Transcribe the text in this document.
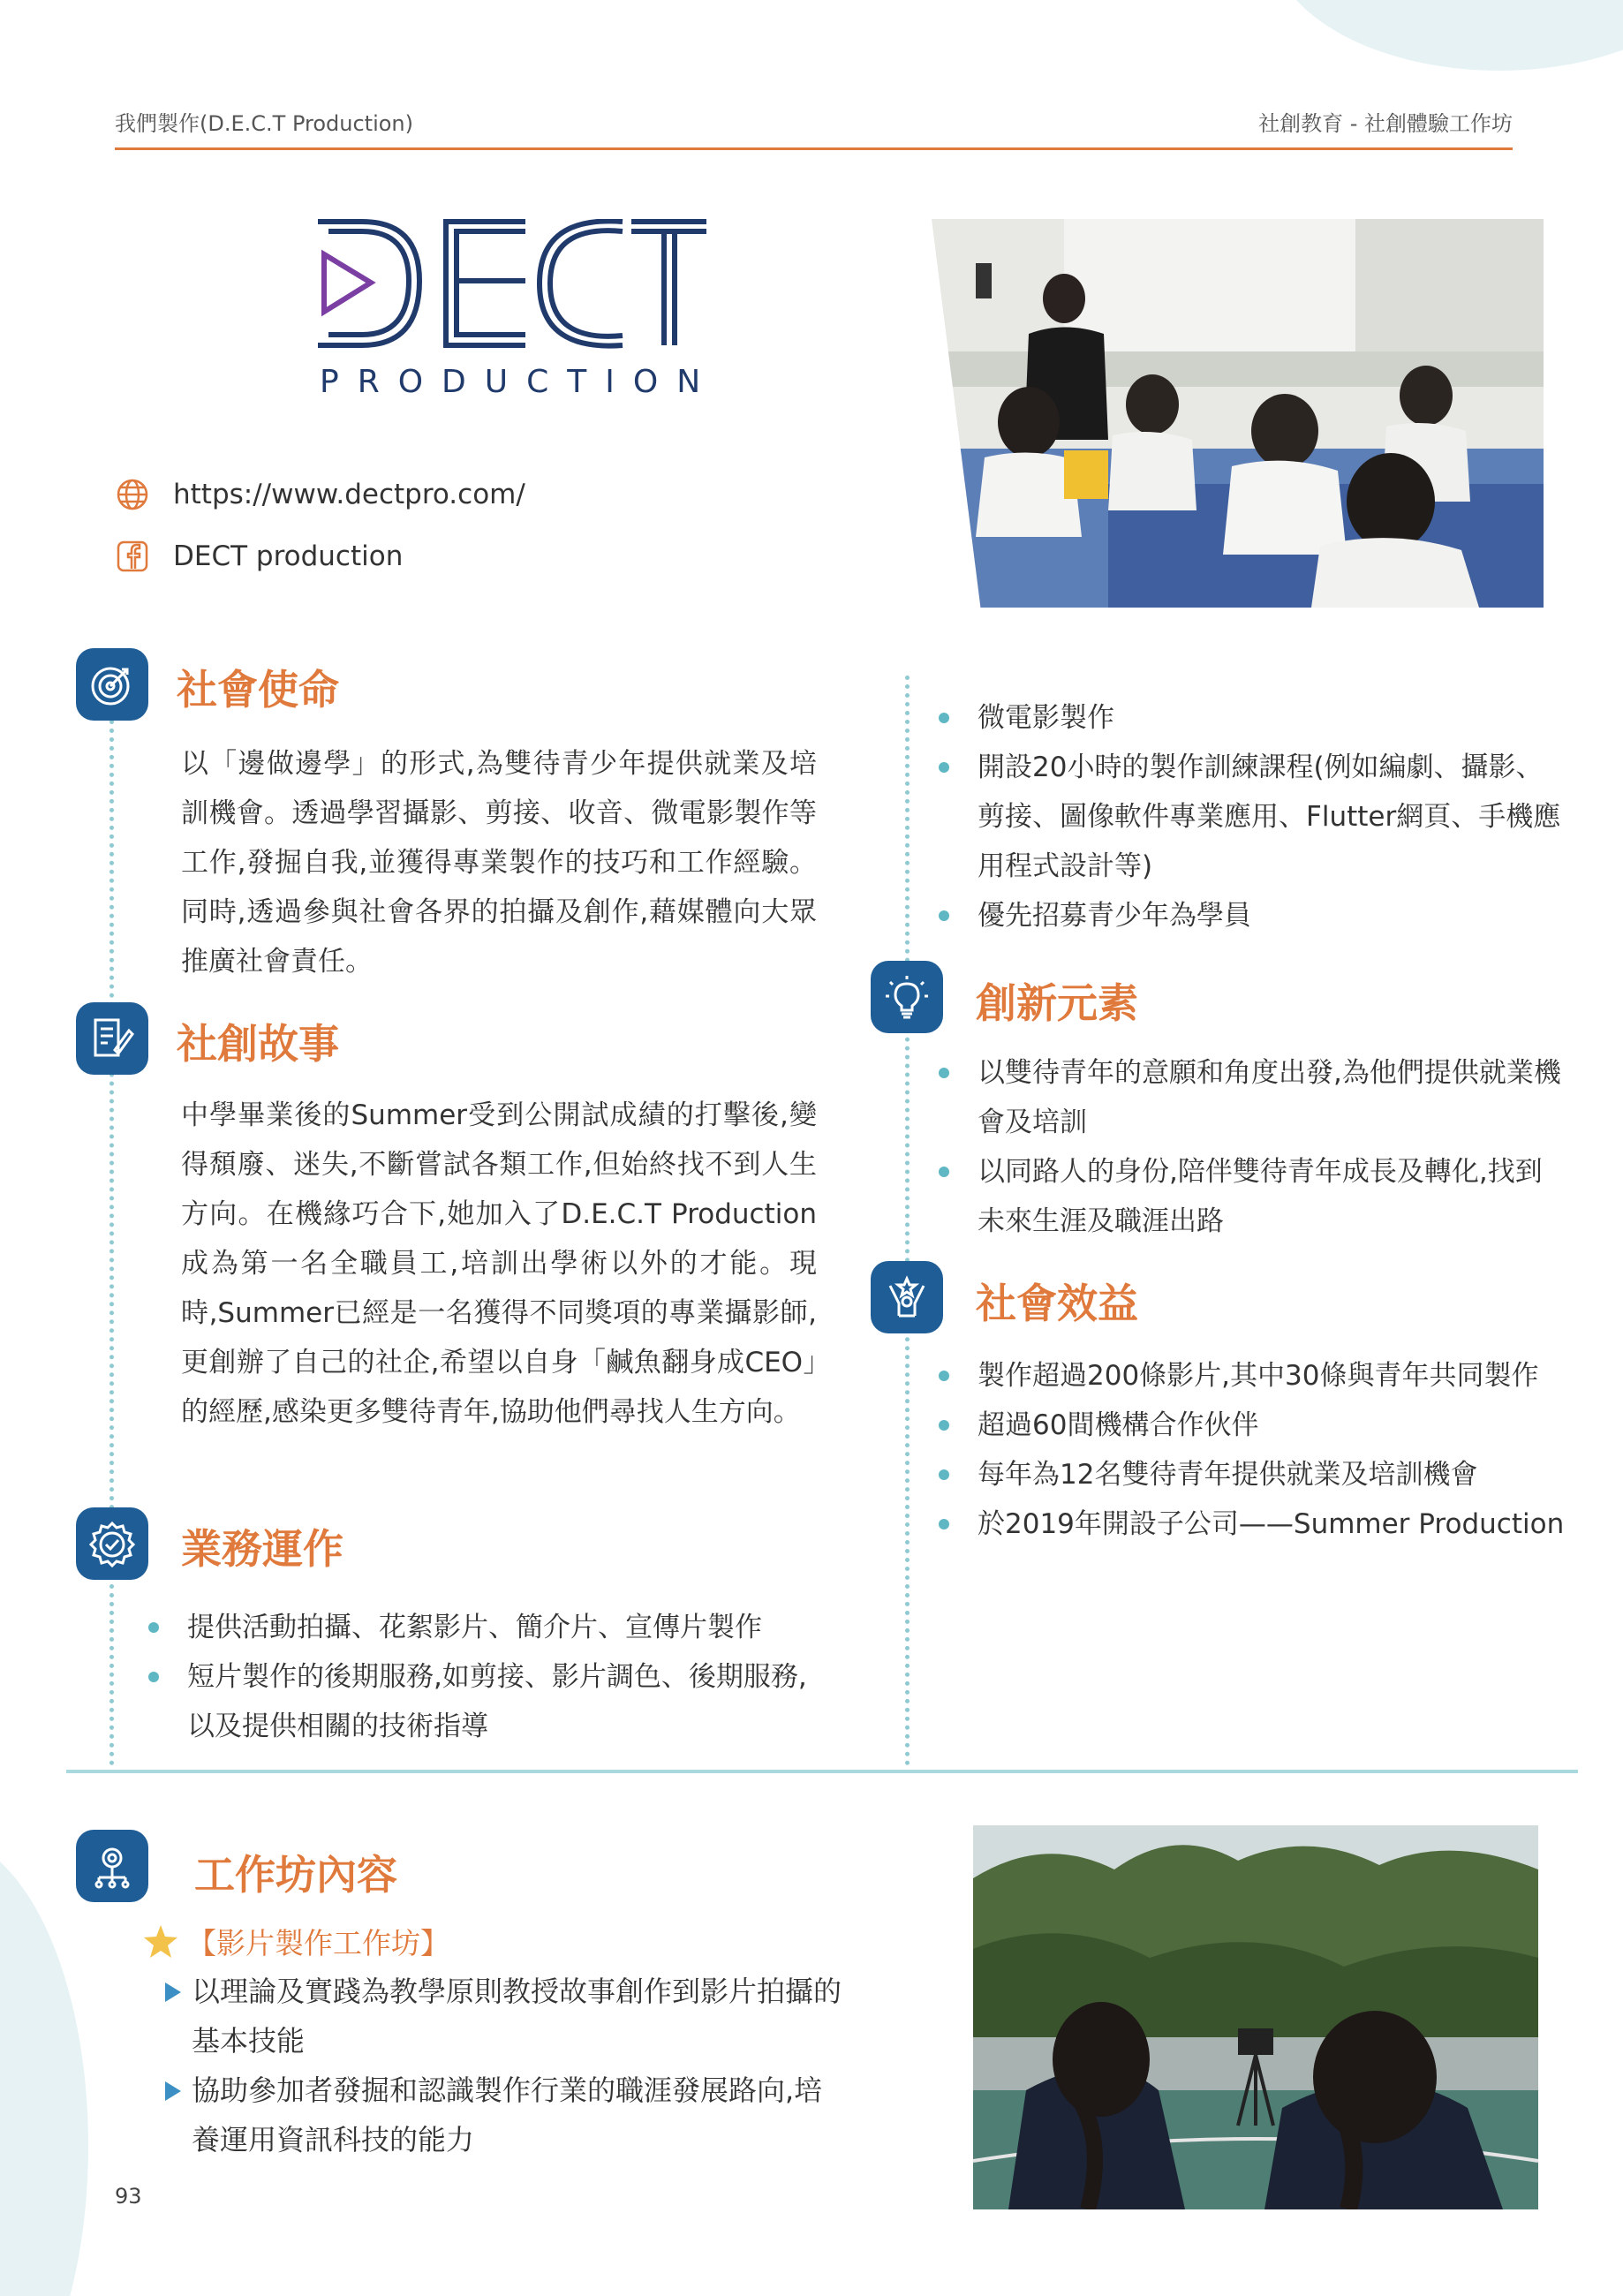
我們製作(D.E.C.T Production)	社創教育 - 社創體驗工作坊
PRODUCTION
https://www.dectpro.com/
DECT production
社會使命
以「邊做邊學」的形式,為雙待青少年提供就業及培訓機會。透過學習攝影、剪接、收音、微電影製作等工作,發掘自我,並獲得專業製作的技巧和工作經驗。同時,透過參與社會各界的拍攝及創作,藉媒體向大眾推廣社會責任。
社創故事
中學畢業後的Summer受到公開試成績的打擊後,變得頹廢、迷失,不斷嘗試各類工作,但始終找不到人生方向。在機緣巧合下,她加入了D.E.C.T Production成為第一名全職員工,培訓出學術以外的才能。現時,Summer已經是一名獲得不同獎項的專業攝影師,更創辦了自己的社企,希望以自身「鹹魚翻身成CEO」的經歷,感染更多雙待青年,協助他們尋找人生方向。
業務運作
提供活動拍攝、花絮影片、簡介片、宣傳片製作
短片製作的後期服務,如剪接、影片調色、後期服務,以及提供相關的技術指導
微電影製作
開設20小時的製作訓練課程(例如編劇、攝影、剪接、圖像軟件專業應用、Flutter網頁、手機應用程式設計等)
優先招募青少年為學員
創新元素
以雙待青年的意願和角度出發,為他們提供就業機會及培訓
以同路人的身份,陪伴雙待青年成長及轉化,找到未來生涯及職涯出路
社會效益
製作超過200條影片,其中30條與青年共同製作
超過60間機構合作伙伴
每年為12名雙待青年提供就業及培訓機會
於2019年開設子公司——Summer Production
工作坊內容
【影片製作工作坊】
以理論及實踐為教學原則教授故事創作到影片拍攝的基本技能
協助參加者發掘和認識製作行業的職涯發展路向,培養運用資訊科技的能力
93
